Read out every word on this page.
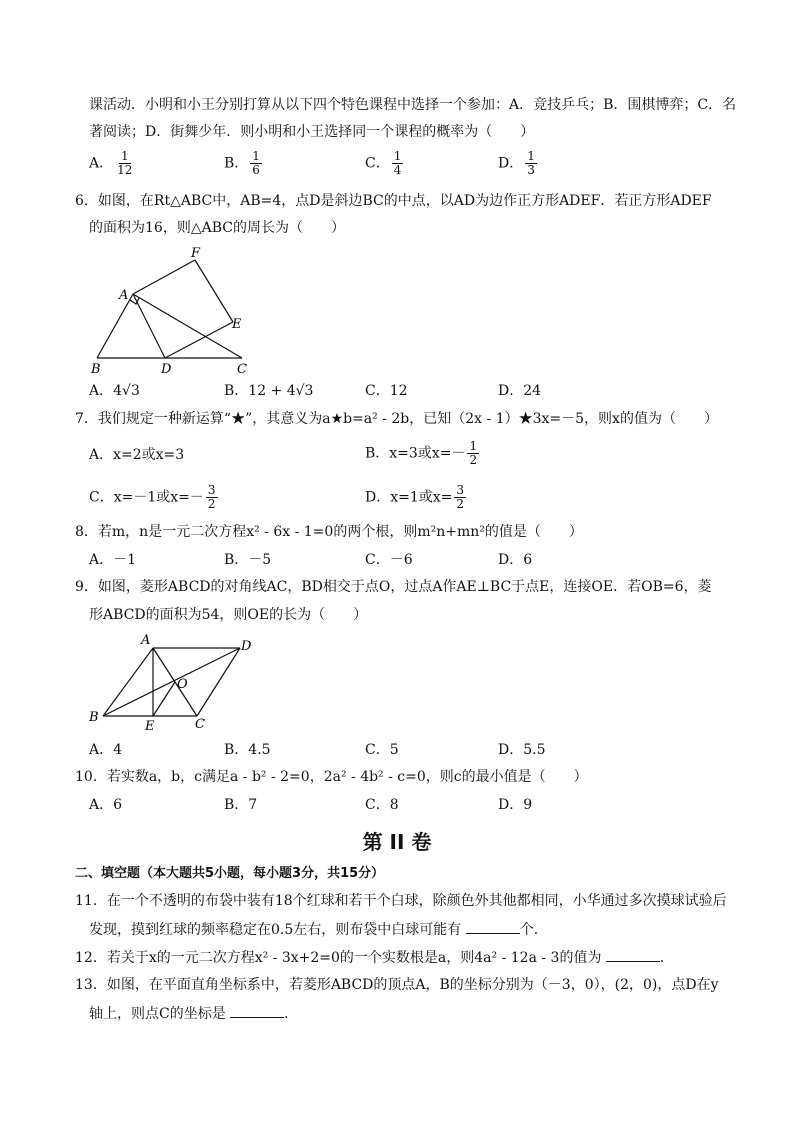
课活动．小明和小王分别打算从以下四个特色课程中选择一个参加：A．竞技乒乓；B．围棋博弈；C．名
著阅读；D．街舞少年．则小明和小王选择同一个课程的概率为（　　）
A． $\frac{1}{12}$	B． $\frac{1}{6}$	C． $\frac{1}{4}$	D． $\frac{1}{3}$
6．如图，在Rt△ABC中，AB=4，点D是斜边BC的中点，以AD为边作正方形ADEF．若正方形ADEF
的面积为16，则△ABC的周长为（　　）
F
A
E
B	D	C
A．4√3	B．12 + 4√3	C．12	D．24
7．我们规定一种新运算“★”，其意义为a★b=a² - 2b，已知（2x - 1）★3x=－5，则x的值为（　　）
A．x=2或x=3	B．x=3或$x=- \frac{1}{2}$
C．x=－1或$x=- \frac{3}{2}$	D．x=1或$x= \frac{3}{2}$
8．若m，n是一元二次方程x² - 6x - 1=0的两个根，则m²n+mn²的值是（　　）
A．－1	B．－5	C．－6	D．6
9．如图，菱形ABCD的对角线AC，BD相交于点O，过点A作AE⊥BC于点E，连接OE．若OB=6，菱
形ABCD的面积为54，则OE的长为（　　）
A	D
O
B
E	C
A．4	B．4.5	C．5	D．5.5
10．若实数a，b，c满足a - b² - 2=0，2a² - 4b² - c=0，则c的最小值是（　　）
A．6	B．7	C．8	D．9
第 II 卷
二、填空题（本大题共5小题，每小题3分，共15分）
11．在一个不透明的布袋中装有18个红球和若干个白球，除颜色外其他都相同，小华通过多次摸球试验后
发现，摸到红球的频率稳定在0.5左右，则布袋中白球可能有	个．
12．若关于x的一元二次方程x² - 3x+2=0的一个实数根是a，则4a² - 12a - 3的值为	．
13．如图，在平面直角坐标系中，若菱形ABCD的顶点A，B的坐标分别为（－3，0），(2，0)，点D在y
轴上，则点C的坐标是	．
